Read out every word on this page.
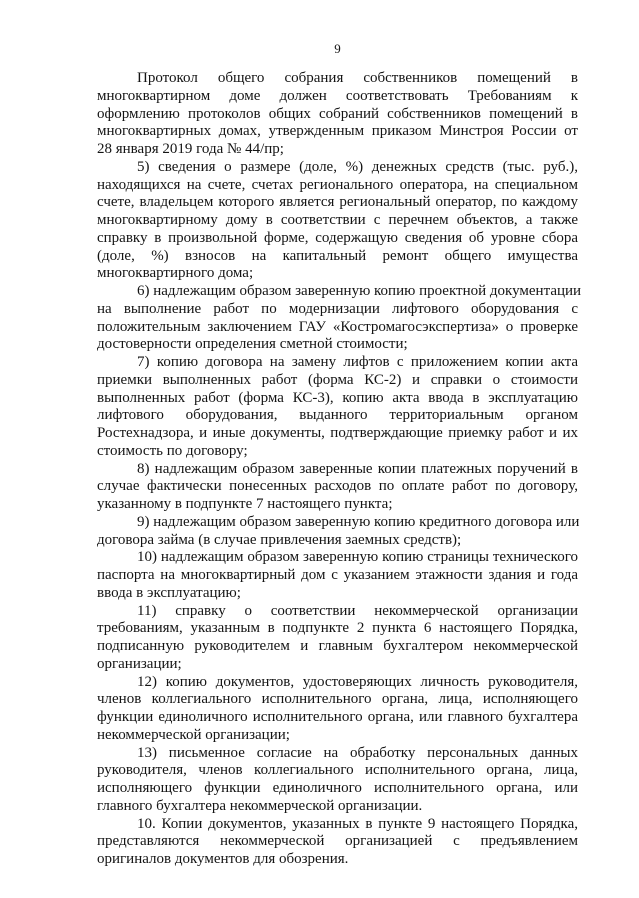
9
Протокол общего собрания собственников помещений в
многоквартирном доме должен соответствовать Требованиям к
оформлению протоколов общих собраний собственников помещений в
многоквартирных домах, утвержденным приказом Минстроя России от
28 января 2019 года № 44/пр;
5) сведения о размере (доле, %) денежных средств (тыс. руб.),
находящихся на счете, счетах регионального оператора, на специальном
счете, владельцем которого является региональный оператор, по каждому
многоквартирному дому в соответствии с перечнем объектов, а также
справку в произвольной форме, содержащую сведения об уровне сбора
(доле, %) взносов на капитальный ремонт общего имущества
многоквартирного дома;
6) надлежащим образом заверенную копию проектной документации
на выполнение работ по модернизации лифтового оборудования с
положительным заключением ГАУ «Костромагосэкспертиза» о проверке
достоверности определения сметной стоимости;
7) копию договора на замену лифтов с приложением копии акта
приемки выполненных работ (форма КС-2) и справки о стоимости
выполненных работ (форма КС-3), копию акта ввода в эксплуатацию
лифтового оборудования, выданного территориальным органом
Ростехнадзора, и иные документы, подтверждающие приемку работ и их
стоимость по договору;
8) надлежащим образом заверенные копии платежных поручений в
случае фактически понесенных расходов по оплате работ по договору,
указанному в подпункте 7 настоящего пункта;
9) надлежащим образом заверенную копию кредитного договора или
договора займа (в случае привлечения заемных средств);
10) надлежащим образом заверенную копию страницы технического
паспорта на многоквартирный дом с указанием этажности здания и года
ввода в эксплуатацию;
11) справку о соответствии некоммерческой организации
требованиям, указанным в подпункте 2 пункта 6 настоящего Порядка,
подписанную руководителем и главным бухгалтером некоммерческой
организации;
12) копию документов, удостоверяющих личность руководителя,
членов коллегиального исполнительного органа, лица, исполняющего
функции единоличного исполнительного органа, или главного бухгалтера
некоммерческой организации;
13) письменное согласие на обработку персональных данных
руководителя, членов коллегиального исполнительного органа, лица,
исполняющего функции единоличного исполнительного органа, или
главного бухгалтера некоммерческой организации.
10. Копии документов, указанных в пункте 9 настоящего Порядка,
представляются некоммерческой организацией с предъявлением
оригиналов документов для обозрения.
